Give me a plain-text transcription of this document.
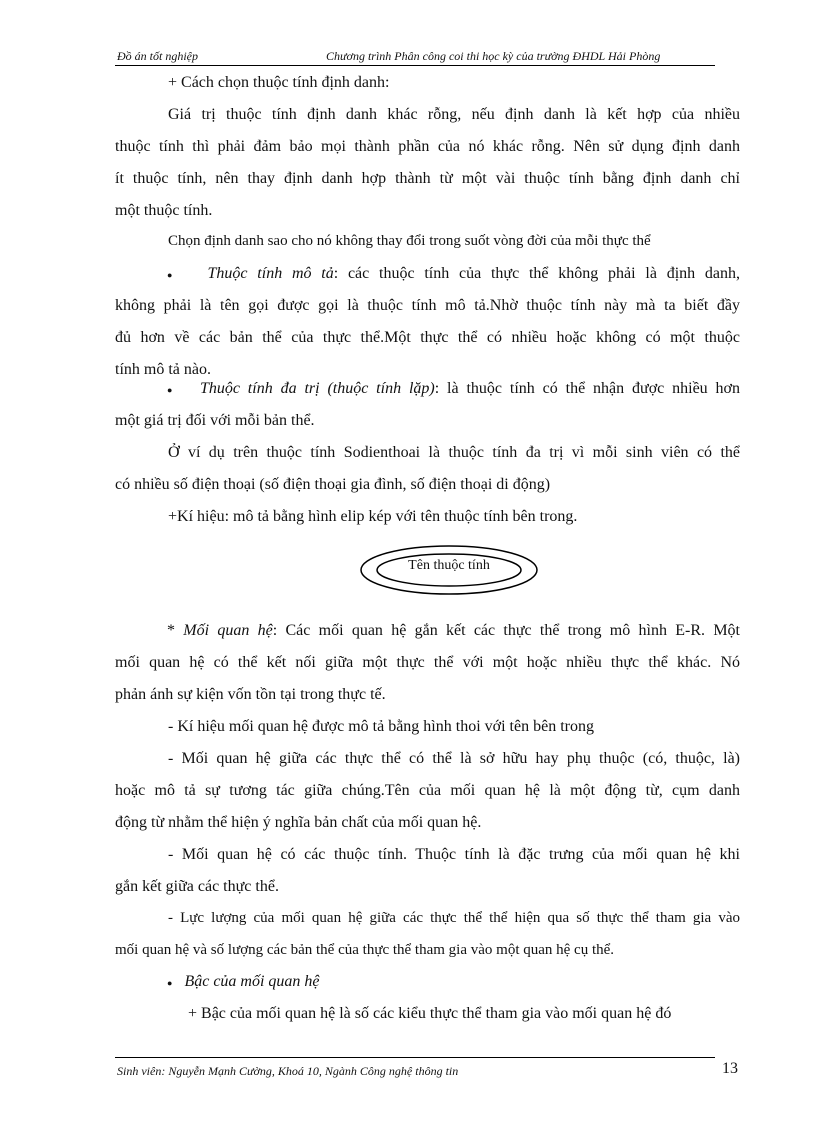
Đồ án tốt nghiệp	Chương trình Phân công coi thi học kỳ của trường ĐHDL Hải Phòng
+ Cách chọn thuộc tính định danh:
Giá trị thuộc tính định danh khác rỗng, nếu định danh là kết hợp của nhiều
thuộc tính thì phải đảm bảo mọi thành phần của nó khác rỗng. Nên sử dụng định danh
ít thuộc tính, nên thay định danh hợp thành từ một vài thuộc tính bằng định danh chỉ
một thuộc tính.
Chọn định danh sao cho nó không thay đổi trong suốt vòng đời của mỗi thực thể
● Thuộc tính mô tả: các thuộc tính của thực thể không phải là định danh,
không phải là tên gọi được gọi là thuộc tính mô tả.Nhờ thuộc tính này mà ta biết đầy
đủ hơn về các bản thể của thực thể.Một thực thể có nhiều hoặc không có một thuộc
tính mô tả nào.
● Thuộc tính đa trị (thuộc tính lặp): là thuộc tính có thể nhận được nhiều hơn
một giá trị đối với mỗi bản thể.
Ở ví dụ trên thuộc tính Sodienthoai là thuộc tính đa trị vì mỗi sinh viên có thể
có nhiều số điện thoại (số điện thoại gia đình, số điện thoại di động)
+Kí hiệu: mô tả bằng hình elip kép với tên thuộc tính bên trong.
* Mối quan hệ: Các mối quan hệ gắn kết các thực thể trong mô hình E-R. Một
mối quan hệ có thể kết nối giữa một thực thể với một hoặc nhiều thực thể khác. Nó
phản ánh sự kiện vốn tồn tại trong thực tế.
- Kí hiệu mối quan hệ được mô tả bằng hình thoi với tên bên trong
- Mối quan hệ giữa các thực thể có thể là sở hữu hay phụ thuộc (có, thuộc, là)
hoặc mô tả sự tương tác giữa chúng.Tên của mối quan hệ là một động từ, cụm danh
động từ nhằm thể hiện ý nghĩa bản chất của mối quan hệ.
- Mối quan hệ có các thuộc tính. Thuộc tính là đặc trưng của mối quan hệ khi
gắn kết giữa các thực thể.
- Lực lượng của mối quan hệ giữa các thực thể thể hiện qua số thực thể tham gia vào
mối quan hệ và số lượng các bản thể của thực thể tham gia vào một quan hệ cụ thể.
● Bậc của mối quan hệ
+ Bậc của mối quan hệ là số các kiểu thực thể tham gia vào mối quan hệ đó
Tên thuộc tính
Sinh viên: Nguyễn Mạnh Cường, Khoá 10, Ngành Công nghệ thông tin	13
